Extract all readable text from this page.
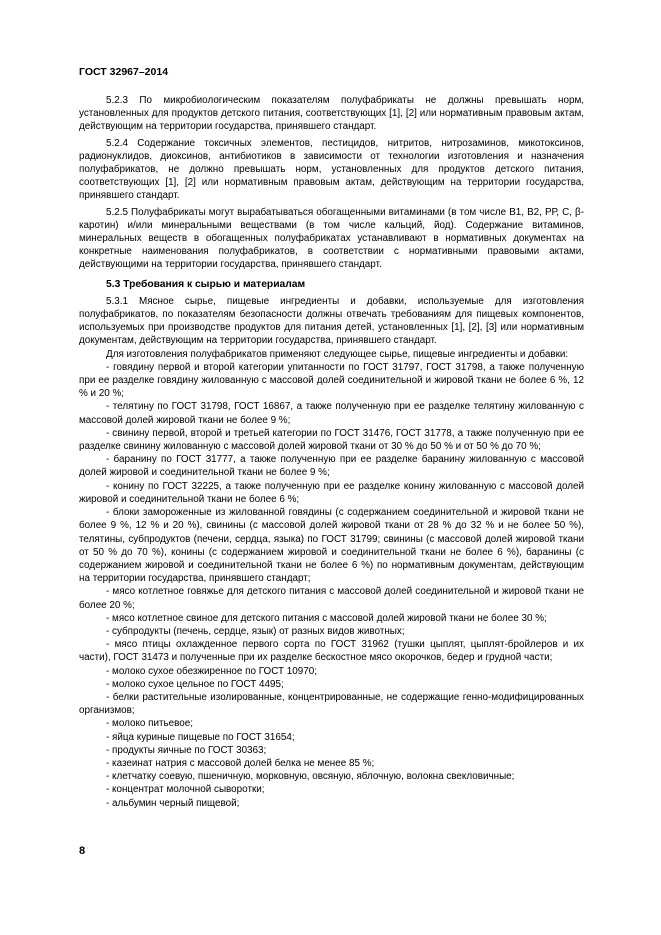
ГОСТ 32967–2014

5.2.3 По микробиологическим показателям полуфабрикаты не должны превышать норм, установленных для продуктов детского питания, соответствующих [1], [2] или нормативным правовым актам, действующим на территории государства, принявшего стандарт.

5.2.4 Содержание токсичных элементов, пестицидов, нитритов, нитрозаминов, микотоксинов, радионуклидов, диоксинов, антибиотиков в зависимости от технологии изготовления и назначения полуфабрикатов, не должно превышать норм, установленных для продуктов детского питания, соответствующих [1], [2] или нормативным правовым актам, действующим на территории государства, принявшего стандарт.

5.2.5 Полуфабрикаты могут вырабатываться обогащенными витаминами (в том числе В1, В2, РР, С, β-каротин) и/или минеральными веществами (в том числе кальций, йод). Содержание витаминов, минеральных веществ в обогащенных полуфабрикатах устанавливают в нормативных документах на конкретные наименования полуфабрикатов, в соответствии с нормативными правовыми актами, действующими на территории государства, принявшего стандарт.

5.3 Требования к сырью и материалам

5.3.1 Мясное сырье, пищевые ингредиенты и добавки, используемые для изготовления полуфабрикатов, по показателям безопасности должны отвечать требованиям для пищевых компонентов, используемых при производстве продуктов для питания детей, установленных [1], [2], [3] или нормативным документам, действующим на территории государства, принявшего стандарт.

Для изготовления полуфабрикатов применяют следующее сырье, пищевые ингредиенты и добавки:

- говядину первой и второй категории упитанности по ГОСТ 31797, ГОСТ 31798, а также полученную при ее разделке говядину жилованную с массовой долей соединительной и жировой ткани не более 6 %, 12 % и 20 %;

- телятину по ГОСТ 31798, ГОСТ 16867, а также полученную при ее разделке телятину жилованную с массовой долей жировой ткани не более 9 %;

- свинину первой, второй и третьей категории по ГОСТ 31476, ГОСТ 31778, а также полученную при ее разделке свинину жилованную с массовой долей жировой ткани от 30 % до 50 % и от 50 % до 70 %;

- баранину по ГОСТ 31777, а также полученную при ее разделке баранину жилованную с массовой долей жировой и соединительной ткани не более 9 %;

- конину по ГОСТ 32225, а также полученную при ее разделке конину жилованную с массовой долей жировой и соединительной ткани не более 6 %;

- блоки замороженные из жилованной говядины (с содержанием соединительной и жировой ткани не более 9 %, 12 % и 20 %), свинины (с массовой долей жировой ткани от 28 % до 32 % и не более 50 %), телятины, субпродуктов (печени, сердца, языка) по ГОСТ 31799; свинины (с массовой долей жировой ткани от 50 % до 70 %), конины (с содержанием жировой и соединительной ткани не более 6 %), баранины (с содержанием жировой и соединительной ткани не более 6 %) по нормативным документам, действующим на территории государства, принявшего стандарт;

- мясо котлетное говяжье для детского питания с массовой долей соединительной и жировой ткани не более 20 %;

- мясо котлетное свиное для детского питания с массовой долей жировой ткани не более 30 %;

- субпродукты (печень, сердце, язык) от разных видов животных;

- мясо птицы охлажденное первого сорта по ГОСТ 31962 (тушки цыплят, цыплят-бройлеров и их части), ГОСТ 31473 и полученные при их разделке бескостное мясо окорочков, бедер и грудной части;

- молоко сухое обезжиренное по ГОСТ 10970;

- молоко сухое цельное по ГОСТ 4495;

- белки растительные изолированные, концентрированные, не содержащие генно-модифицированных организмов;

- молоко питьевое;

- яйца куриные пищевые по ГОСТ 31654;

- продукты яичные по ГОСТ 30363;

- казеинат натрия с массовой долей белка не менее 85 %;

- клетчатку соевую, пшеничную, морковную, овсяную, яблочную, волокна свекловичные;

- концентрат молочной сыворотки;

- альбумин черный пищевой;

8
